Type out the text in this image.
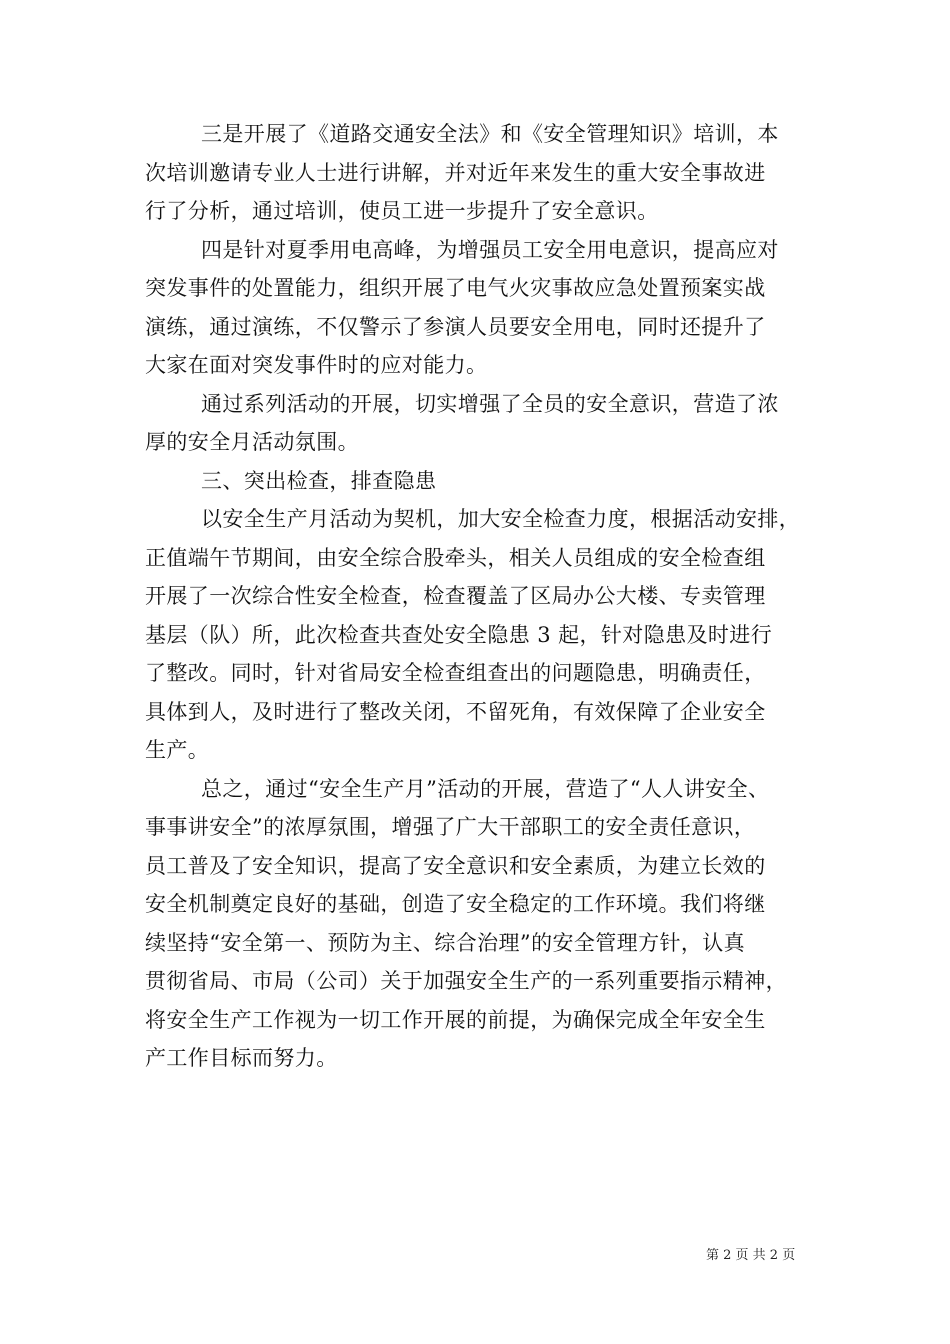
三是开展了《道路交通安全法》和《安全管理知识》培训，本
次培训邀请专业人士进行讲解，并对近年来发生的重大安全事故进
行了分析，通过培训，使员工进一步提升了安全意识。
四是针对夏季用电高峰，为增强员工安全用电意识，提高应对
突发事件的处置能力，组织开展了电气火灾事故应急处置预案实战
演练，通过演练，不仅警示了参演人员要安全用电，同时还提升了
大家在面对突发事件时的应对能力。
通过系列活动的开展，切实增强了全员的安全意识，营造了浓
厚的安全月活动氛围。
三、突出检查，排查隐患
以安全生产月活动为契机，加大安全检查力度，根据活动安排，
正值端午节期间，由安全综合股牵头，相关人员组成的安全检查组
开展了一次综合性安全检查，检查覆盖了区局办公大楼、专卖管理
基层（队）所，此次检查共查处安全隐患 3 起，针对隐患及时进行
了整改。同时，针对省局安全检查组查出的问题隐患，明确责任，
具体到人，及时进行了整改关闭，不留死角，有效保障了企业安全
生产。
总之，通过“安全生产月”活动的开展，营造了“人人讲安全、
事事讲安全”的浓厚氛围，增强了广大干部职工的安全责任意识，
员工普及了安全知识，提高了安全意识和安全素质，为建立长效的
安全机制奠定良好的基础，创造了安全稳定的工作环境。我们将继
续坚持“安全第一、预防为主、综合治理”的安全管理方针，认真
贯彻省局、市局（公司）关于加强安全生产的一系列重要指示精神，
将安全生产工作视为一切工作开展的前提，为确保完成全年安全生
产工作目标而努力。
第 2 页 共 2 页
